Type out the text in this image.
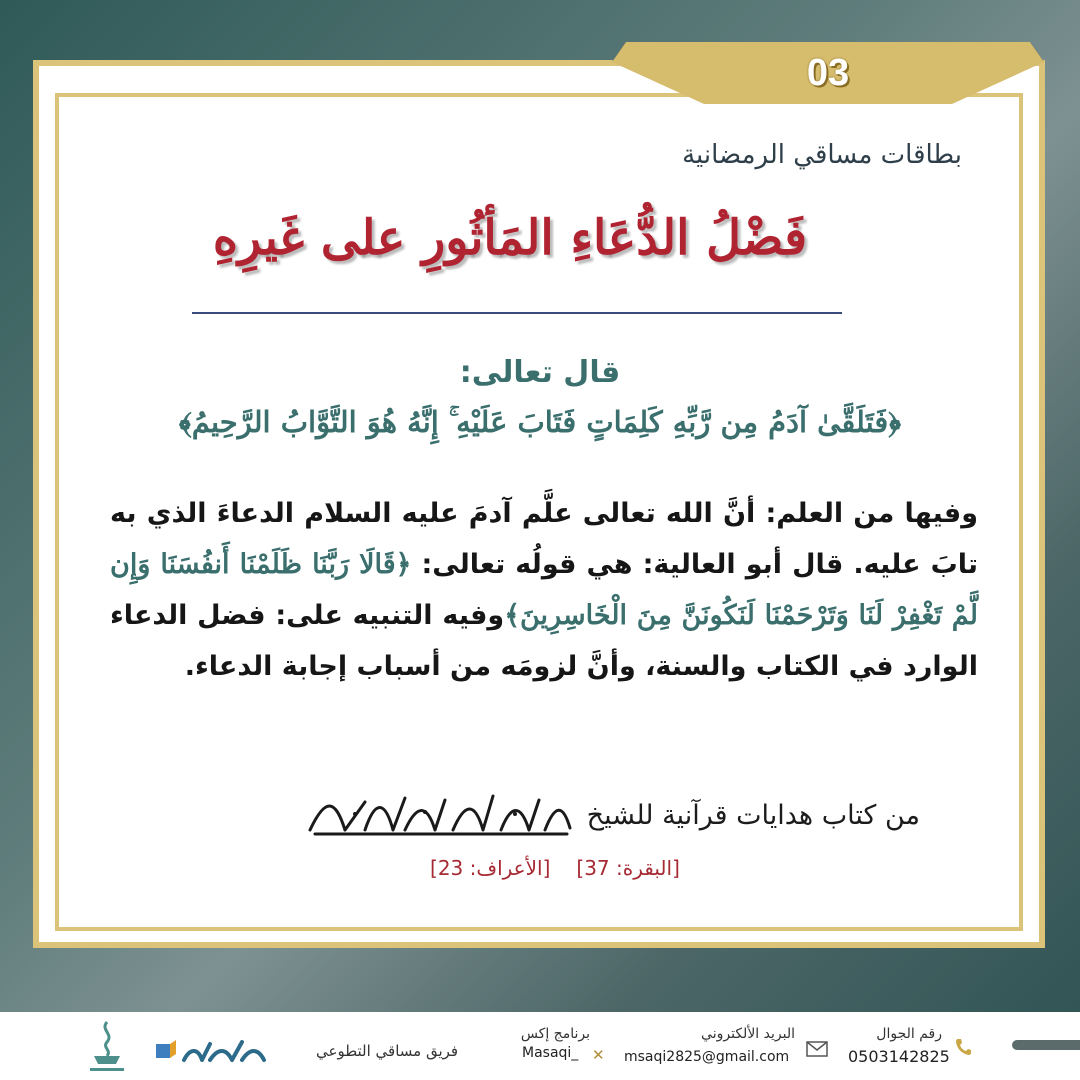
03
بطاقات مساقي الرمضانية
فَضْلُ الدُّعَاءِ المَأثُورِ على غَيرِهِ
قال تعالى:
﴿فَتَلَقَّىٰ آدَمُ مِن رَّبِّهِ كَلِمَاتٍ فَتَابَ عَلَيْهِ ۚ إِنَّهُ هُوَ التَّوَّابُ الرَّحِيمُ﴾
وفيها من العلم: أنَّ الله تعالى علَّم آدمَ عليه السلام الدعاءَ الذي به تابَ عليه. قال أبو العالية: هي قولُه تعالى: ﴿قَالَا رَبَّنَا ظَلَمْنَا أَنفُسَنَا وَإِن لَّمْ تَغْفِرْ لَنَا وَتَرْحَمْنَا لَنَكُونَنَّ مِنَ الْخَاسِرِينَ﴾وفيه التنبيه على: فضل الدعاء الوارد في الكتاب والسنة، وأنَّ لزومَه من أسباب إجابة الدعاء.
من كتاب هدايات قرآنية للشيخ
[البقرة: 37]
[الأعراف: 23]
رقم الجوال
0503142825
البريد الألكتروني
msaqi2825@gmail.com
✕
برنامج إكس
Masaqi_
فريق مساقي التطوعي
